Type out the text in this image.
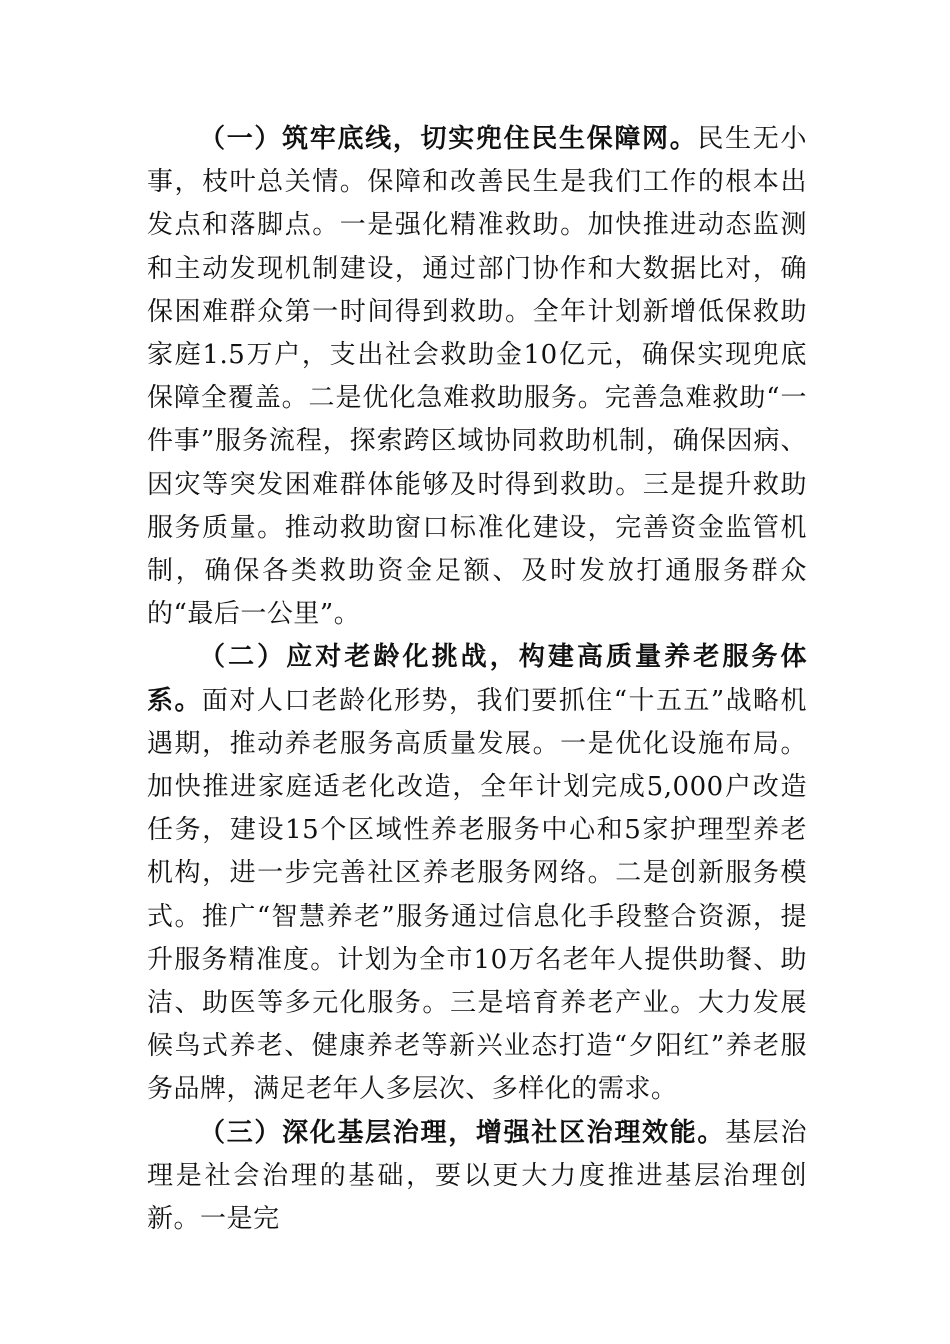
（一）筑牢底线，切实兜住民生保障网。民生无小事，枝叶总关情。保障和改善民生是我们工作的根本出发点和落脚点。一是强化精准救助。加快推进动态监测和主动发现机制建设，通过部门协作和大数据比对，确保困难群众第一时间得到救助。全年计划新增低保救助家庭1.5万户，支出社会救助金10亿元，确保实现兜底保障全覆盖。二是优化急难救助服务。完善急难救助“一件事”服务流程，探索跨区域协同救助机制，确保因病、因灾等突发困难群体能够及时得到救助。三是提升救助服务质量。推动救助窗口标准化建设，完善资金监管机制，确保各类救助资金足额、及时发放打通服务群众的“最后一公里”。

（二）应对老龄化挑战，构建高质量养老服务体系。面对人口老龄化形势，我们要抓住“十五五”战略机遇期，推动养老服务高质量发展。一是优化设施布局。加快推进家庭适老化改造，全年计划完成5,000户改造任务，建设15个区域性养老服务中心和5家护理型养老机构，进一步完善社区养老服务网络。二是创新服务模式。推广“智慧养老”服务通过信息化手段整合资源，提升服务精准度。计划为全市10万名老年人提供助餐、助洁、助医等多元化服务。三是培育养老产业。大力发展候鸟式养老、健康养老等新兴业态打造“夕阳红”养老服务品牌，满足老年人多层次、多样化的需求。

（三）深化基层治理，增强社区治理效能。基层治理是社会治理的基础，要以更大力度推进基层治理创新。一是完
